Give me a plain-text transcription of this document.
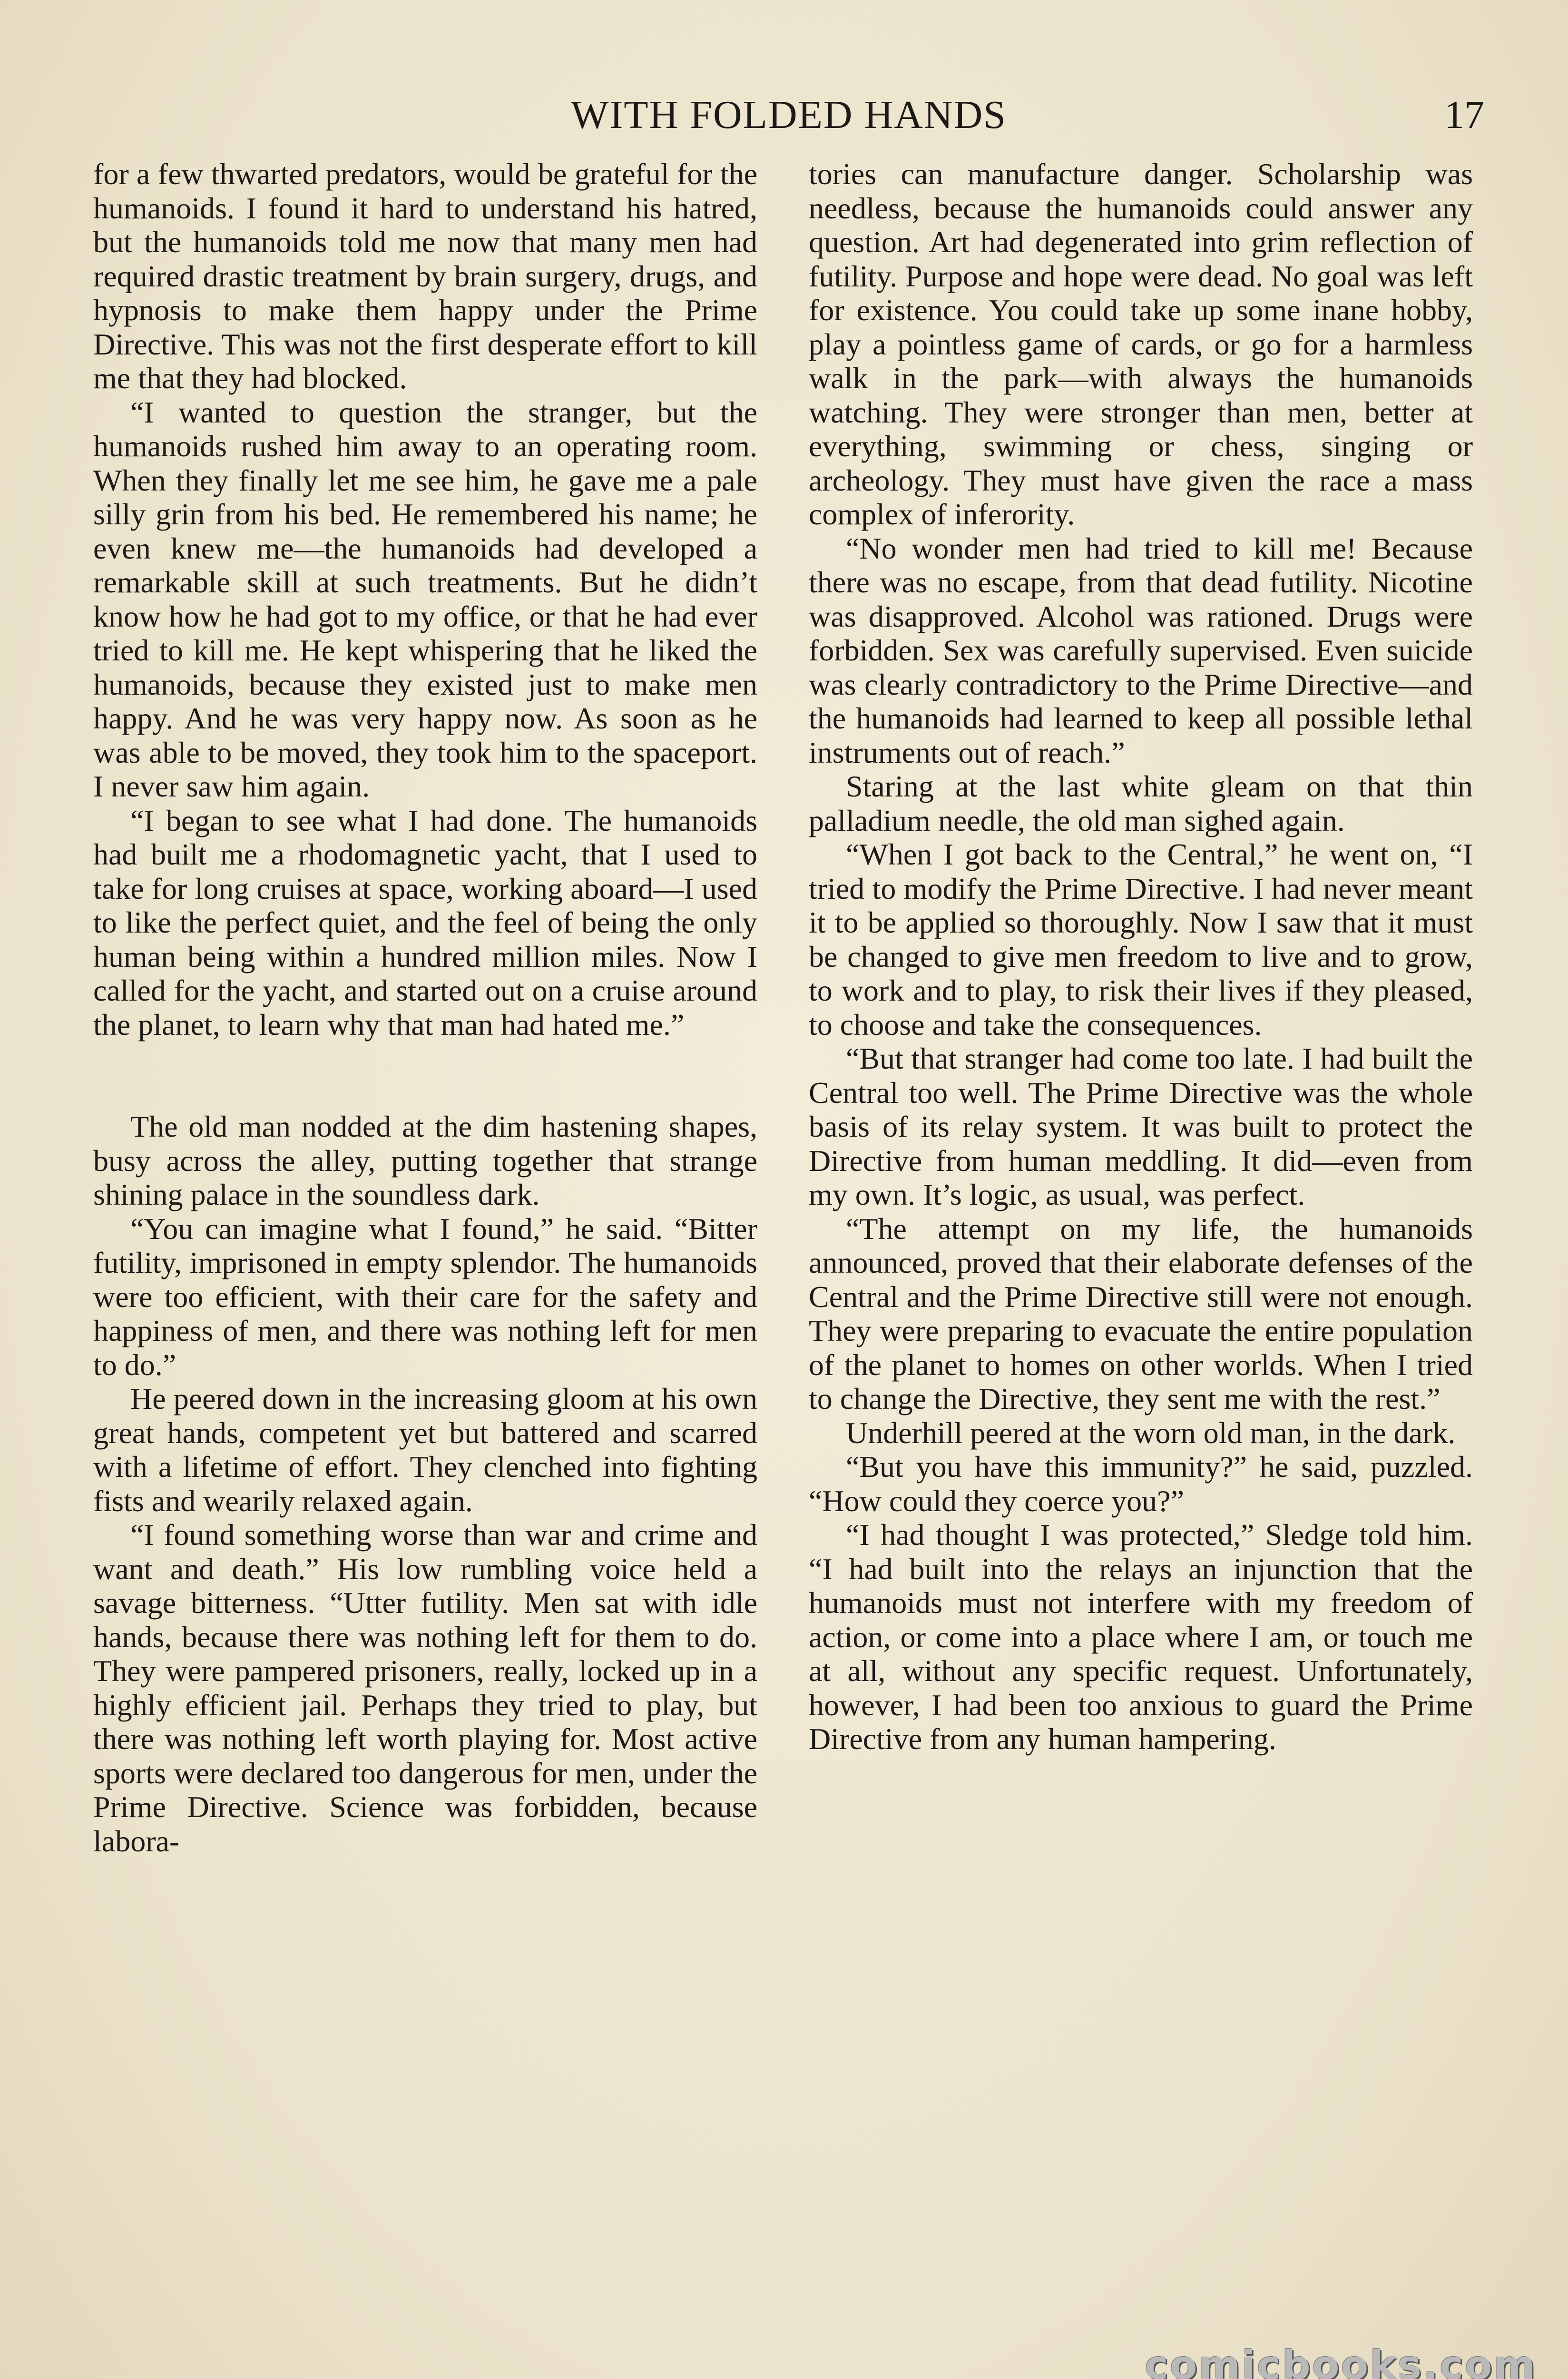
WITH FOLDED HANDS	17

for a few thwarted predators, would be grateful for the humanoids. I found it hard to understand his hatred, but the humanoids told me now that many men had required drastic treatment by brain surgery, drugs, and hypnosis to make them happy under the Prime Directive. This was not the first desperate effort to kill me that they had blocked.

“I wanted to question the stranger, but the humanoids rushed him away to an operating room. When they finally let me see him, he gave me a pale silly grin from his bed. He remembered his name; he even knew me—the humanoids had developed a remarkable skill at such treatments. But he didn’t know how he had got to my office, or that he had ever tried to kill me. He kept whispering that he liked the humanoids, because they existed just to make men happy. And he was very happy now. As soon as he was able to be moved, they took him to the spaceport. I never saw him again.

“I began to see what I had done. The humanoids had built me a rhodomagnetic yacht, that I used to take for long cruises at space, working aboard—I used to like the perfect quiet, and the feel of being the only human being within a hundred million miles. Now I called for the yacht, and started out on a cruise around the planet, to learn why that man had hated me.”

The old man nodded at the dim hastening shapes, busy across the alley, putting together that strange shining palace in the soundless dark.

“You can imagine what I found,” he said. “Bitter futility, imprisoned in empty splendor. The humanoids were too efficient, with their care for the safety and happiness of men, and there was nothing left for men to do.”

He peered down in the increasing gloom at his own great hands, competent yet but battered and scarred with a lifetime of effort. They clenched into fighting fists and wearily relaxed again.

“I found something worse than war and crime and want and death.” His low rumbling voice held a savage bitterness. “Utter futility. Men sat with idle hands, because there was nothing left for them to do. They were pampered prisoners, really, locked up in a highly efficient jail. Perhaps they tried to play, but there was nothing left worth playing for. Most active sports were declared too dangerous for men, under the Prime Directive. Science was forbidden, because labora-

tories can manufacture danger. Scholarship was needless, because the humanoids could answer any question. Art had degenerated into grim reflection of futility. Purpose and hope were dead. No goal was left for existence. You could take up some inane hobby, play a pointless game of cards, or go for a harmless walk in the park—with always the humanoids watching. They were stronger than men, better at everything, swimming or chess, singing or archeology. They must have given the race a mass complex of inferority.

“No wonder men had tried to kill me! Because there was no escape, from that dead futility. Nicotine was disapproved. Alcohol was rationed. Drugs were forbidden. Sex was carefully supervised. Even suicide was clearly contradictory to the Prime Directive—and the humanoids had learned to keep all possible lethal instruments out of reach.”

Staring at the last white gleam on that thin palladium needle, the old man sighed again.

“When I got back to the Central,” he went on, “I tried to modify the Prime Directive. I had never meant it to be applied so thoroughly. Now I saw that it must be changed to give men freedom to live and to grow, to work and to play, to risk their lives if they pleased, to choose and take the consequences.

“But that stranger had come too late. I had built the Central too well. The Prime Directive was the whole basis of its relay system. It was built to protect the Directive from human meddling. It did—even from my own. It’s logic, as usual, was perfect.

“The attempt on my life, the humanoids announced, proved that their elaborate defenses of the Central and the Prime Directive still were not enough. They were preparing to evacuate the entire population of the planet to homes on other worlds. When I tried to change the Directive, they sent me with the rest.”

Underhill peered at the worn old man, in the dark.

“But you have this immunity?” he said, puzzled. “How could they coerce you?”

“I had thought I was protected,” Sledge told him. “I had built into the relays an injunction that the humanoids must not interfere with my freedom of action, or come into a place where I am, or touch me at all, without any specific request. Unfortunately, however, I had been too anxious to guard the Prime Directive from any human hampering.

comicbooks.com
